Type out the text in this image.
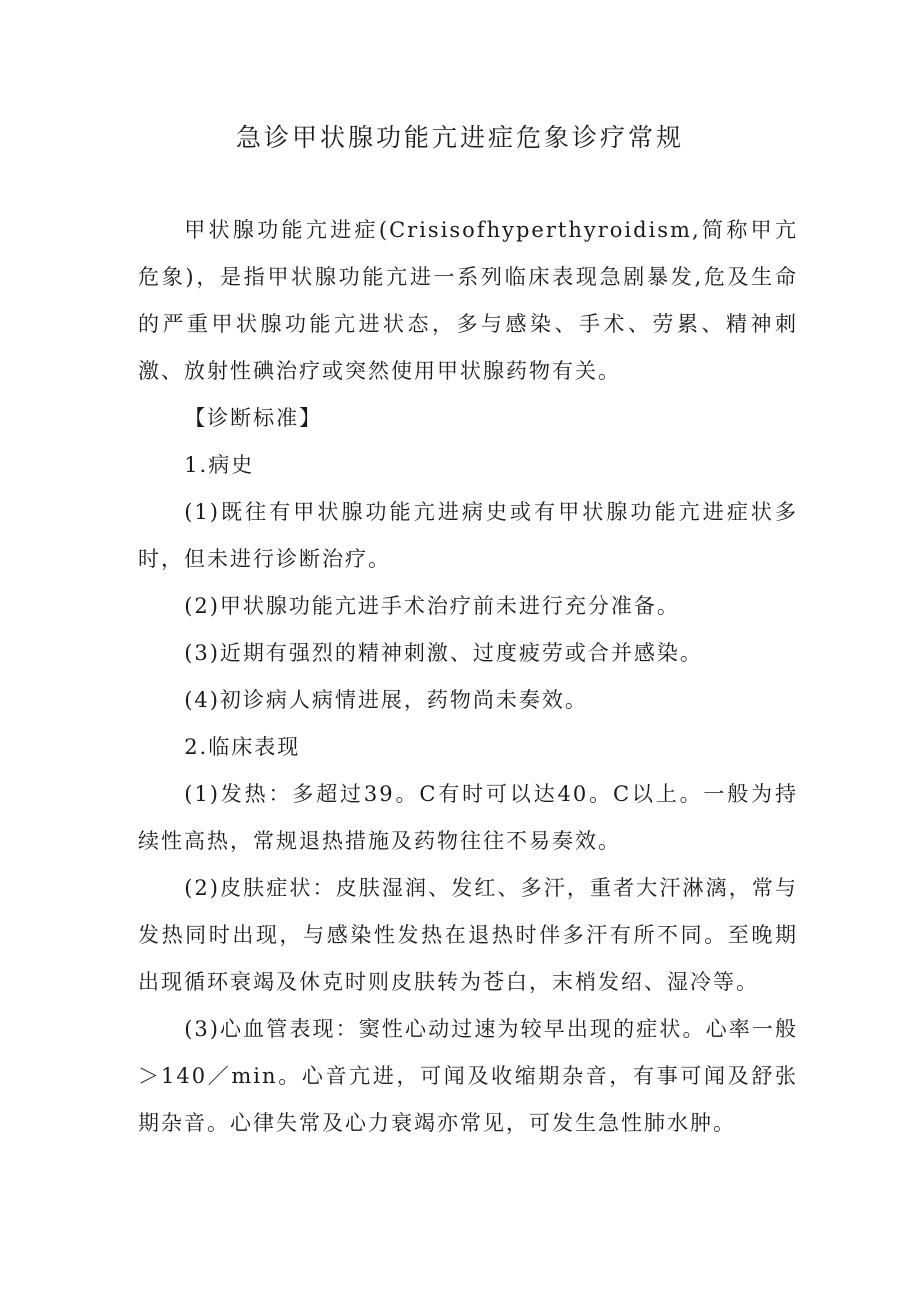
急诊甲状腺功能亢进症危象诊疗常规

甲状腺功能亢进症(Crisisofhyperthyroidism,简称甲亢危象)，是指甲状腺功能亢进一系列临床表现急剧暴发,危及生命的严重甲状腺功能亢进状态，多与感染、手术、劳累、精神刺激、放射性碘治疗或突然使用甲状腺药物有关。

【诊断标准】

1.病史

(1)既往有甲状腺功能亢进病史或有甲状腺功能亢进症状多时，但未进行诊断治疗。

(2)甲状腺功能亢进手术治疗前未进行充分准备。

(3)近期有强烈的精神刺激、过度疲劳或合并感染。

(4)初诊病人病情进展，药物尚未奏效。

2.临床表现

(1)发热：多超过39。C有时可以达40。C以上。一般为持续性高热，常规退热措施及药物往往不易奏效。

(2)皮肤症状：皮肤湿润、发红、多汗，重者大汗淋漓，常与发热同时出现，与感染性发热在退热时伴多汗有所不同。至晚期出现循环衰竭及休克时则皮肤转为苍白，末梢发绍、湿冷等。

(3)心血管表现：窦性心动过速为较早出现的症状。心率一般＞140／min。心音亢进，可闻及收缩期杂音，有事可闻及舒张期杂音。心律失常及心力衰竭亦常见，可发生急性肺水肿。
